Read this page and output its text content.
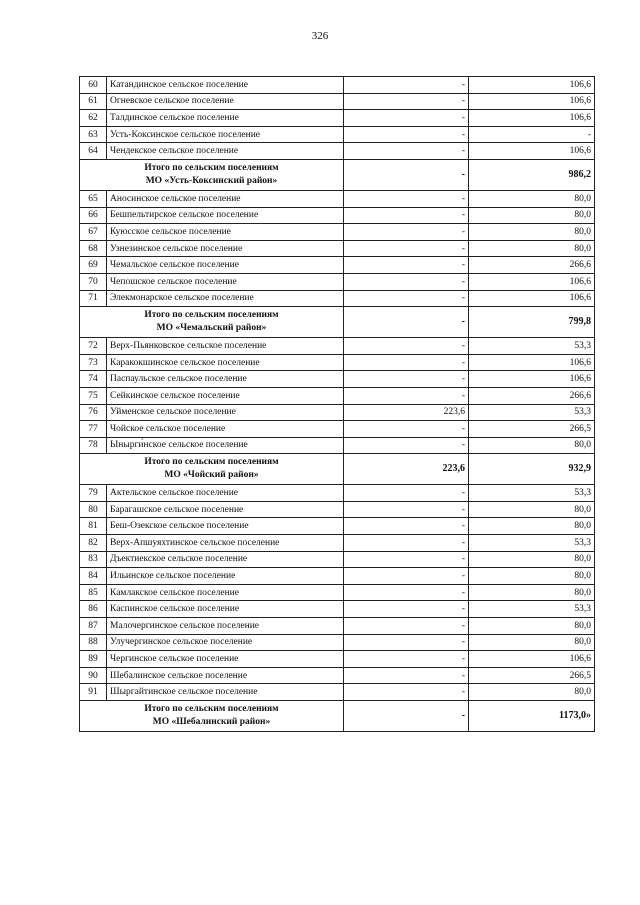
326
60	Катандинское сельское поселение	-	106,6
61	Огневское сельское поселение	-	106,6
62	Талдинское сельское поселение	-	106,6
63	Усть-Коксинское сельское поселение	-	-
64	Чендекское сельское поселение	-	106,6

Итого по сельским поселениям
МО «Усть-Коксинский район»		-	986,2
65	Аносинское сельское поселение	-	80,0
66	Бешпельтирское сельское поселение	-	80,0
67	Куюсское сельское поселение	-	80,0
68	Узнезинское сельское поселение	-	80,0
69	Чемальское сельское поселение	-	266,6
70	Чепошское сельское поселение	-	106,6
71	Элекмонарское сельское поселение	-	106,6

Итого по сельским поселениям
МО «Чемальский район»		-	799,8
72	Верх-Пьянковское сельское поселение	-	53,3
73	Каракокшинское сельское поселение	-	106,6
74	Паспаульское сельское поселение	-	106,6
75	Сейкинское сельское поселение	-	266,6
76	Уйменское сельское поселение	223,6	53,3
77	Чойское сельское поселение	-	266,5
78	Ынырги́нское сельское поселение	-	80,0

Итого по сельским поселениям
МО «Чойский район»		223,6	932,9
79	Актельское сельское поселение	-	53,3
80	Барагашское сельское поселение	-	80,0
81	Беш-Озекское сельское поселение	-	80,0
82	Верх-Апшуяхтинское сельское поселение	-	53,3
83	Дъектиекское сельское поселение	-	80,0
84	Ильинское сельское поселение	-	80,0
85	Камлакское сельское поселение	-	80,0
86	Каспинское сельское поселение	-	53,3
87	Малочергинское сельское поселение	-	80,0
88	Улучергинское сельское поселение	-	80,0
89	Чергинское сельское поселение	-	106,6
90	Шебалинское сельское поселение	-	266,5
91	Шыргайтинское сельское поселение	-	80,0

Итого по сельским поселениям
МО «Шебалинский район»		-	1173,0»
